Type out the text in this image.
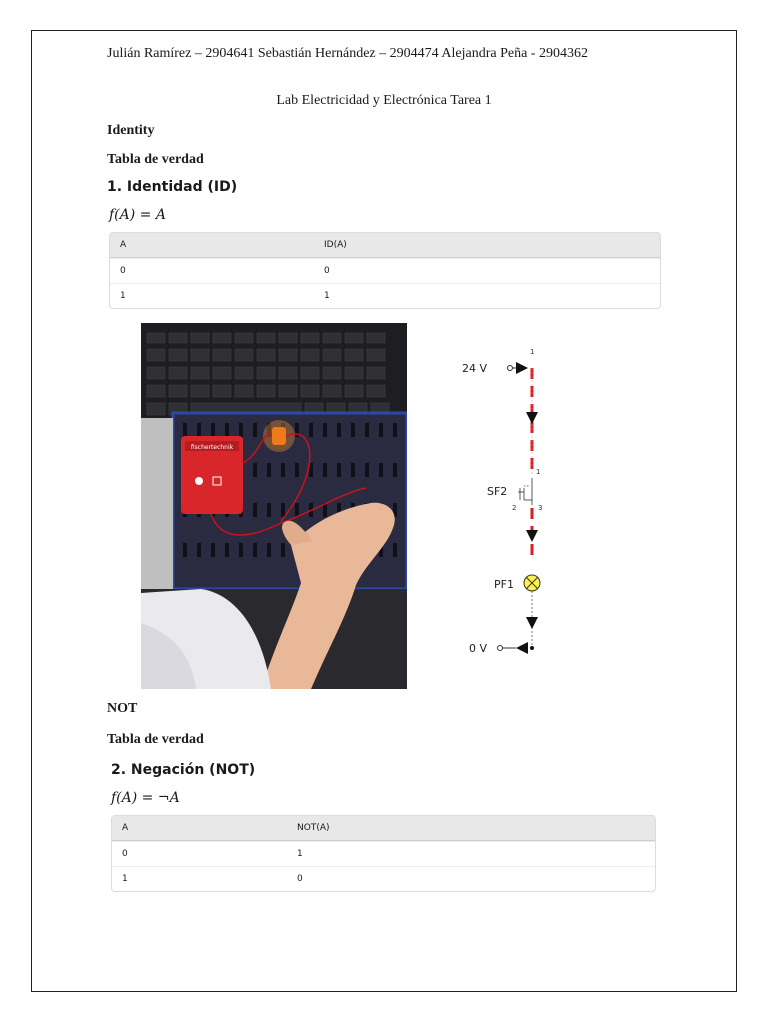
Julián Ramírez – 2904641 Sebastián Hernández – 2904474 Alejandra Peña - 2904362
Lab Electricidad y Electrónica Tarea 1
Identity
Tabla de verdad
1. Identidad (ID)
f(A) = A
A	ID(A)
0	0
1	1
fischertechnik
24 V
1
1
SF2
2	3
PF1
0 V
NOT
Tabla de verdad
2. Negación (NOT)
f(A) = ¬A
A	NOT(A)
0	1
1	0
